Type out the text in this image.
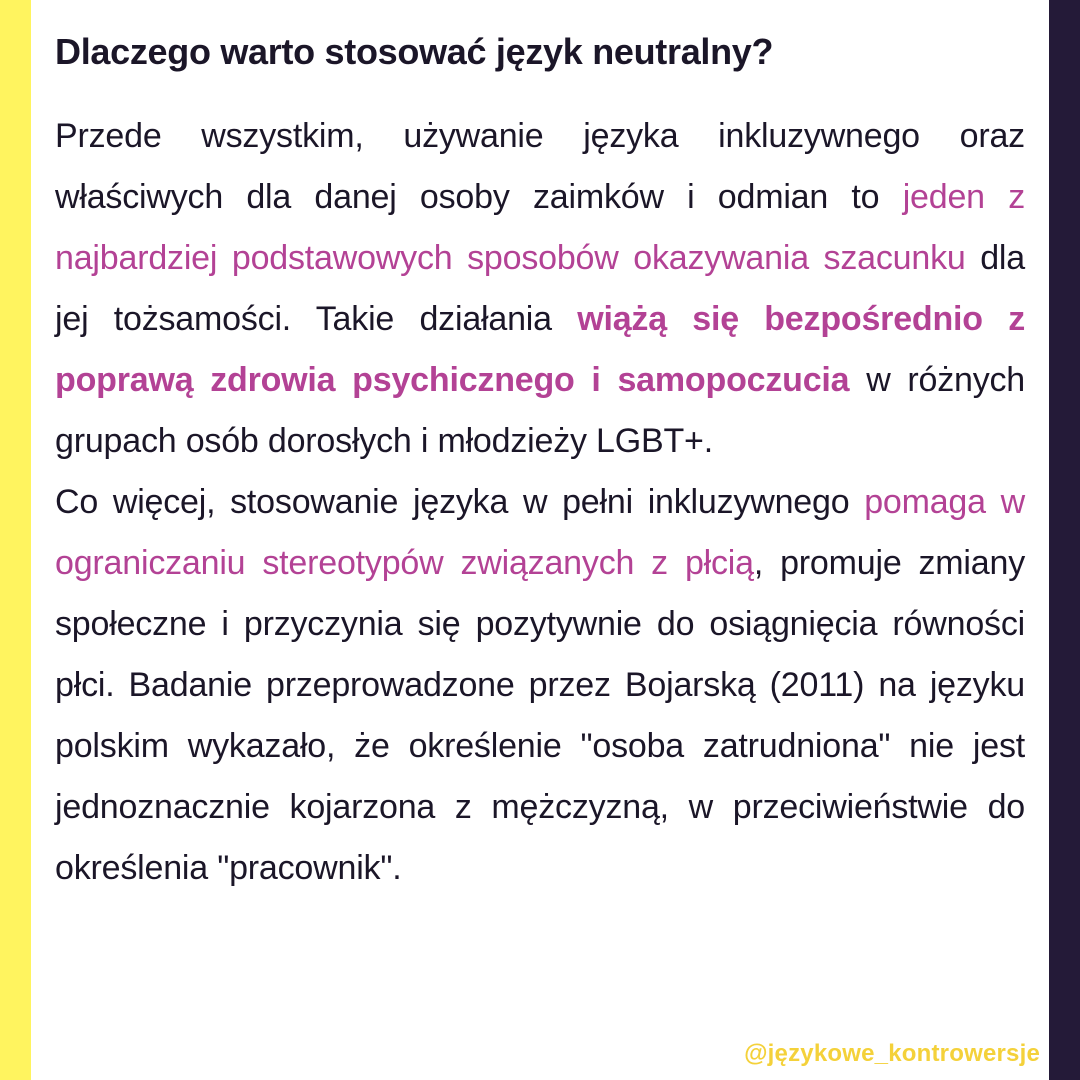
Dlaczego warto stosować język neutralny?

Przede wszystkim, używanie języka inkluzywnego oraz właściwych dla danej osoby zaimków i odmian to jeden z najbardziej podstawowych sposobów okazywania szacunku dla jej tożsamości. Takie działania wiążą się bezpośrednio z poprawą zdrowia psychicznego i samopoczucia w różnych grupach osób dorosłych i młodzieży LGBT+.

Co więcej, stosowanie języka w pełni inkluzywnego pomaga w ograniczaniu stereotypów związanych z płcią, promuje zmiany społeczne i przyczynia się pozytywnie do osiągnięcia równości płci. Badanie przeprowadzone przez Bojarską (2011) na języku polskim wykazało, że określenie "osoba zatrudniona" nie jest jednoznacznie kojarzona z mężczyzną, w przeciwieństwie do określenia "pracownik".

@językowe_kontrowersje
